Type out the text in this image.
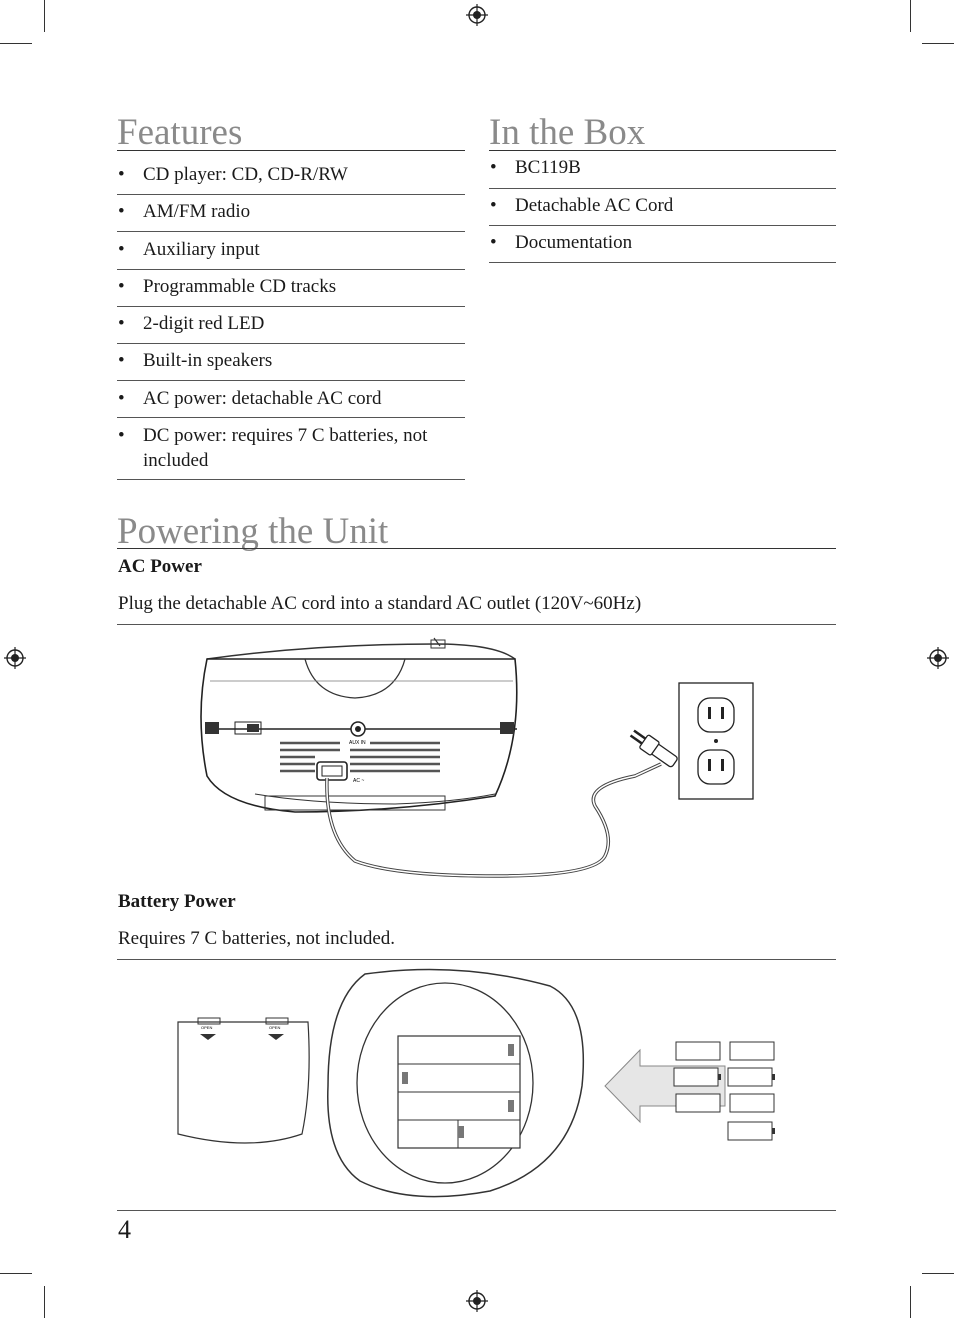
Features
• CD player: CD, CD-R/RW
• AM/FM radio
• Auxiliary input
• Programmable CD tracks
• 2-digit red LED
• Built-in speakers
• AC power: detachable AC cord
• DC power: requires 7 C batteries, not included
In the Box
• BC119B
• Detachable AC Cord
• Documentation
Powering the Unit
AC Power
Plug the detachable AC cord into a standard AC outlet (120V~60Hz)
AUX IN
AC ~
Battery Power
Requires 7 C batteries, not included.
OPEN	OPEN
4
